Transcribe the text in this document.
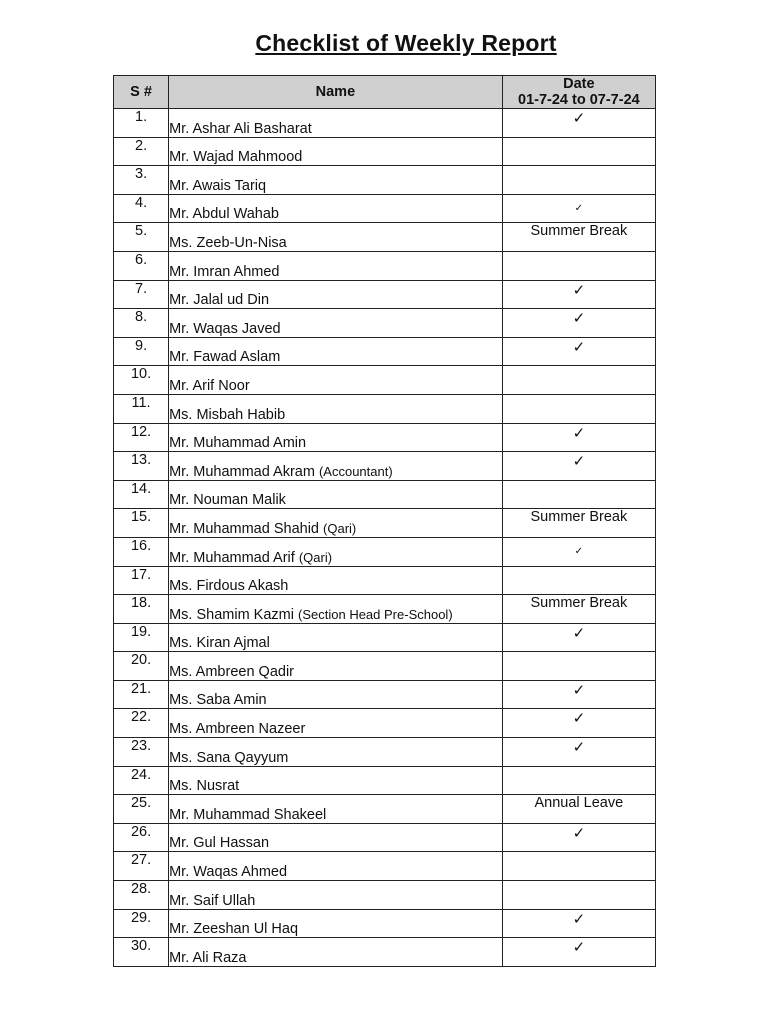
Checklist of Weekly Report
S #	Name	Date
01-7-24 to 07-7-24

1.	Mr. Ashar Ali Basharat	✓
2.	Mr. Wajad Mahmood	
3.	Mr. Awais Tariq	
4.	Mr. Abdul Wahab	✓
5.	Ms. Zeeb-Un-Nisa	Summer Break
6.	Mr. Imran Ahmed	
7.	Mr. Jalal ud Din	✓
8.	Mr. Waqas Javed	✓
9.	Mr. Fawad Aslam	✓
10.	Mr. Arif Noor	
11.	Ms. Misbah Habib	
12.	Mr. Muhammad Amin	✓
13.	Mr. Muhammad Akram (Accountant)	✓
14.	Mr. Nouman Malik	
15.	Mr. Muhammad Shahid (Qari)	Summer Break
16.	Mr. Muhammad Arif (Qari)	✓
17.	Ms. Firdous Akash	
18.	Ms. Shamim Kazmi (Section Head Pre-School)	Summer Break
19.	Ms. Kiran Ajmal	✓
20.	Ms. Ambreen Qadir	
21.	Ms. Saba Amin	✓
22.	Ms. Ambreen Nazeer	✓
23.	Ms. Sana Qayyum	✓
24.	Ms. Nusrat	
25.	Mr. Muhammad Shakeel	Annual Leave
26.	Mr. Gul Hassan	✓
27.	Mr. Waqas Ahmed	
28.	Mr. Saif Ullah	
29.	Mr. Zeeshan Ul Haq	✓
30.	Mr. Ali Raza	✓
